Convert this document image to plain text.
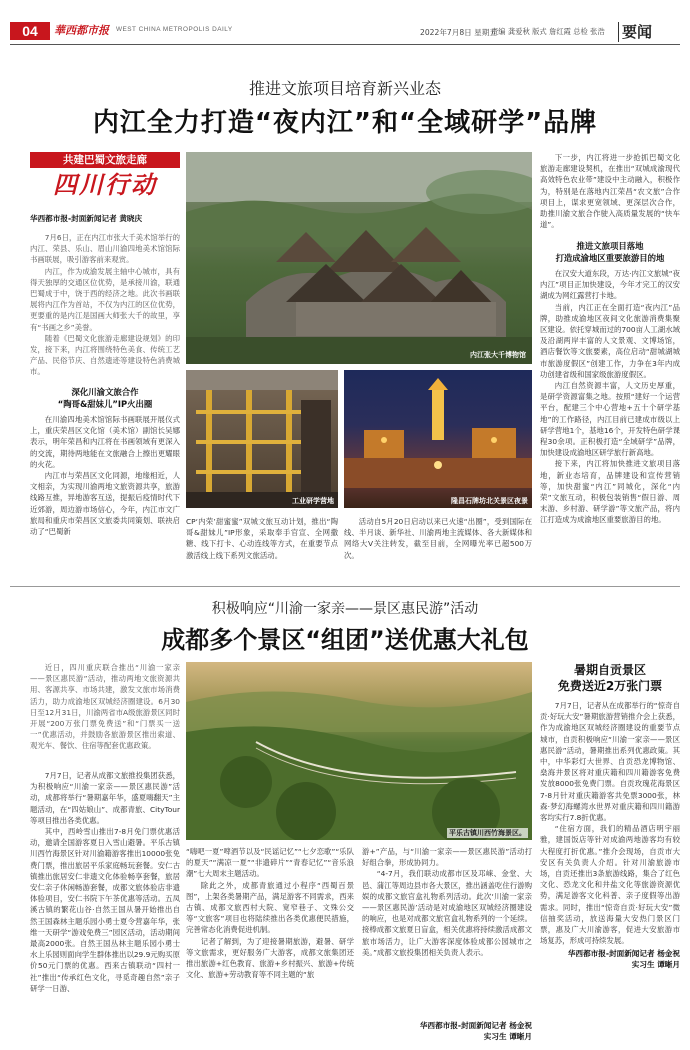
04	華西都市报 WEST CHINA METROPOLIS DAILY	2022年7月8日 星期五
责编 龚爱秋 版式 詹红霞 总检 张浩 要闻
推进文旅项目培育新兴业态
内江全力打造“夜内江”和“全域研学”品牌
共建巴蜀文旅走廊
四川行动
华西都市报-封面新闻记者 黄晓庆

7月6日，正在内江市张大千美术馆举行的内江、荣县、乐山、眉山川渝四地美术馆馆际书画联展，吸引游客前来观赏。

内江，作为成渝发展主轴中心城市，具有得天独厚的交通区位优势，是承接川渝，联通巴蜀成于中，饶于西的经济之地。此次书画联展将内江作为首站，不仅为内江的区位优势，更要重的是内江是国画大师张大千的故里，享有“书画之乡”美誉。

随着《巴蜀文化旅游走廊建设规划》的印发，接下来，内江将围绕特色美食、传统工艺产品、民俗节庆、自然遗迹等建设特色消费城市。

内江张大千博物馆

下一步，内江将进一步抢抓巴蜀文化旅游走廊建设契机，在推出“双城成渝现代高效特色农业带”建设中主动融入，积极作为，特别是在落地内江荣昌“农文旅”合作项目上，谋求更宽领域、更深层次合作，助推川渝文旅合作驶入高质量发展的“快车道”。

推进文旅项目落地
打造成渝地区重要旅游目的地

在汉安大道东段，万达·内江文旅城“夜内江”项目正加快建设，今年才完工的汉安湖成为网红露营打卡地。

当前，内江正在全面打造“夜内江”品牌，助推成渝地区夜间文化旅游消费集聚区建设。依托穿城而过的700亩人工湖水域及沿湖两岸丰富的人文景观、文博场馆，酒店餐饮等文旅要素，高位启动“甜城湖城市旅游度假区”创建工作，力争在3年内成功创建省级和国家级旅游度假区。

内江自然资源丰富，人文历史厚重，是研学资源富集之地。按照“建好一个运营平台，配建三个中心营地+五十个研学基地”的工作路径，内江目前已建成市级以上研学营地1个，基地16个，开发特色研学课程30余项。正积极打造“全域研学”品牌，加快建设成渝地区研学旅行新高地。

接下来，内江将加快推进文旅项目落地，新业态培育，品牌建设和宣传营销等，加快甜蜜“内江”同城化，深化“内荣”文旅互动，积极包装销售“假日游、周末游、乡村游、研学游”等文旅产品，将内江打造成为成渝地区重要旅游目的地。

深化川渝文旅合作
“陶哥&甜妹儿”IP火出圈

在川渝四地美术馆馆际书画联展开展仪式上，重庆荣昌区文化馆（美术馆）副馆长吴娜表示，明年荣昌和内江将在书画领域有更深入的交流，期待两地能在文旅融合上擦出更耀眼的火花。

内江市与荣昌区文化同源，地缘相近，人文相亲，为实现川渝两地文旅资源共享，旅游线路互推，异地游客互送，提振后疫情时代下近郊游，周边游市场信心，今年，内江市文广旅局和重庆市荣昌区文旅委共同策划、联袂启动了“巴蜀新

工业研学营地	隆昌石牌坊北关景区夜景

CP‘内荣’甜蜜蜜”双城文旅互动计划，推出“陶哥&甜妹儿”IP形象，采取奉手官宣、全网撒糖、线下打卡、心动连线等方式，在重要节点激活线上线下系列文旅活动。

活动自5月20日启动以来已火速“出圈”，受到国际在线、半月谈、新华社、川渝两地主流媒体、各大新媒体和网络大V关注转发，截至目前，全网曝光率已超500万次。

积极响应“川渝一家亲——景区惠民游”活动
成都多个景区“组团”送优惠大礼包

近日，四川重庆联合推出“川渝一家亲——景区惠民游”活动，推动两地文旅资源共用、客源共享、市场共建，激发文旅市场消费活力，助力成渝地区双城经济圈建设。6月30日至12月31日，川渝两省市A级旅游景区同时开展“200万张门票免费送”和“门票买一送一”优惠活动，并鼓励各旅游景区推出索道、观光车、餐饮、住宿等配套优惠政策。

7月7日，记者从成都文旅推投集团获悉，为积极响应“川渝一家亲——景区惠民游”活动，成都将举行“暑期嘉年华，盛夏嗨翻天”主题活动，在“四姑娘山”、成都青旅、CityTour等项目推出各类优惠。

其中，西岭雪山推出7-8月免门票优惠活动，邀请全国游客夏日入雪山避暑。平乐古镇川西竹海景区针对川渝籍游客推出10000张免费门票，推出旅居平乐家庭畅玩套餐。安仁古镇推出旅居安仁非遗文化体验畅享套餐，旅居安仁亲子休闲畅游套餐，成都文旅体验店非遗体验项目，安仁书院下午茶优惠等活动。五凤溪古镇的繁花山谷·自然王国从暑开始推出自然王国森林主题乐园小勇士夏令营嘉年华，张维一天研学“游戏免费三”园区活动，活动期间最高2000张。自然王国丛林主题乐园小勇士水上乐园则面向学生群体推出以29.9元购买原价50元门票的优惠。西来古镇联动“四村一社”推出“传承红色文化，寻觅奇趣自然”亲子研学一日游、

平乐古镇川西竹海景区。

“嗨吧一夏”啤酒节以及“民谣记忆”“七夕恋歌”“乐队的夏天”“满凉一夏”“非遗碎片”“青春记忆”“音乐浪潮”七大周末主题活动。

除此之外，成都青旅通过小程序“西蜀百景图”，上架各类暑期产品，满足游客不同需求，西来古镇、成都文旅西村大院、宽窄巷子、文殊公交等“文旅客”项目也将陆续推出各类优惠便民措施，完善常态化消费促进机制。

记者了解到，为了迎接暑期旅游，避暑、研学等文旅需求，更好服务广大游客，成都文旅集团还推出旅游+红色教育、旅游+乡村振兴、旅游+传统文化、旅游+劳动教育等不同主题的“旅

游+”产品，与“川渝一家亲——景区惠民游”活动打好组合拳，形成协同力。

“4-7月，我们联动成都市区及邛崃、金堂、大邑、蒲江等周边县市各大景区，推出涵盖吃住行游购娱的成都文旅官盒礼物系列活动。此次‘川渝一家亲——景区惠民游’活动是对成渝地区双城经济圈建设的响应，也是对成都文旅官盒礼物系列的一个延续。接棒成都文旅夏日盲盒，相关优惠将持续激活成都文旅市场活力，让广大游客深度体验成都公园城市之美。”成都文旅投集团相关负责人表示。

华西都市报-封面新闻记者 杨金祝
实习生 谭晰月
暑期自贡景区
免费送近2万张门票

7月7日，记者从在成都举行的“惊奇自贡·好玩大安”暑期旅游营销推介会上获悉，作为成渝地区双城经济圈建设的重要节点城市，自贡积极响应“川渝一家亲——景区惠民游”活动，暑期推出系列优惠政策。其中，中华彩灯大世界、自贡恐龙博物馆、燊海井景区将对重庆籍和四川籍游客免费发放8000张免费门票。自贡玫瑰花海景区7-8月针对重庆籍游客共免票3000张，林森·梦幻海螺湾水世界对重庆籍和四川籍游客均实行7.8折优惠。

“住宿方面，我们的精品酒店明宇丽雅，建国饭店等针对成渝两地游客均有较大程度打折优惠。”推介会现场，自贡市大安区有关负责人介绍。针对川渝旅游市场，自贡还推出3条旅游线路，集合了红色文化、恐龙文化和井盐文化等旅游资源优势，满足游客文化科普、亲子度假等出游需求。同时，推出“惊奇自贡·好玩大安”微信抽奖活动，放送海量大安热门景区门票，惠及广大川渝游客，促进大安旅游市场复苏，形成可持续发展。

华西都市报-封面新闻记者 杨金祝
实习生 谭晰月
